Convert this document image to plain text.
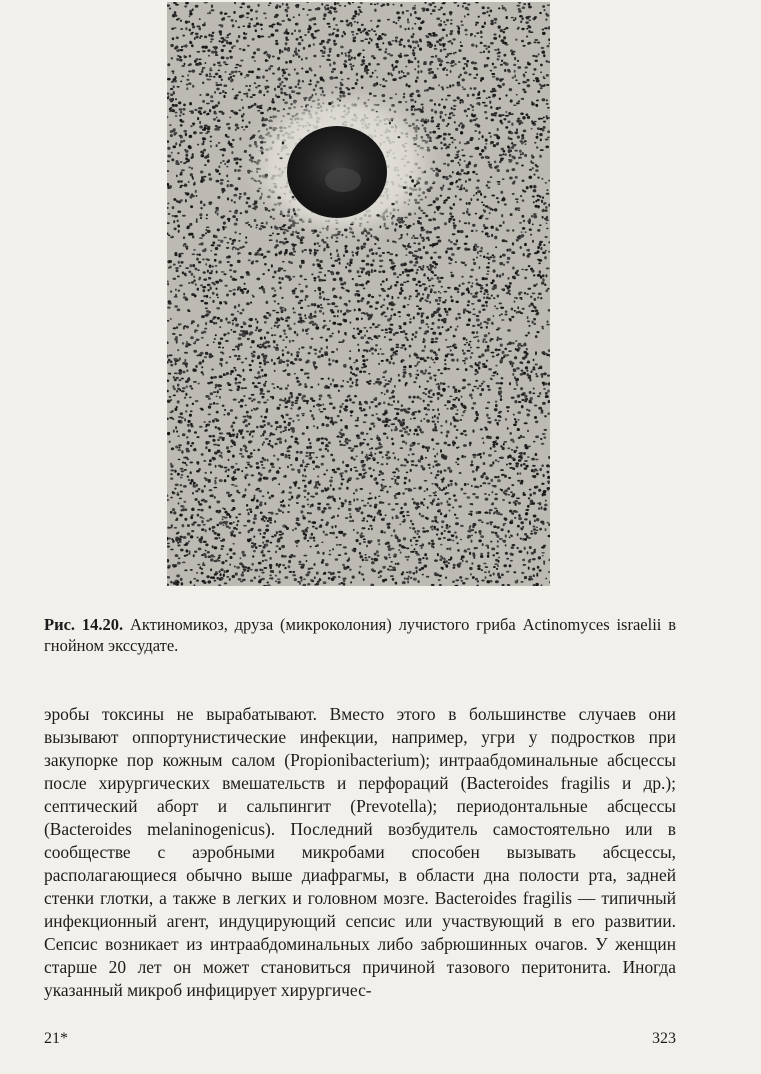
Рис. 14.20. Актиномикоз, друза (микроколония) лучистого гриба Actinomyces israelii в гнойном экссудате.

эробы токсины не вырабатывают. Вместо этого в большинстве случаев они вызывают оппортунистические инфекции, например, угри у подростков при закупорке пор кожным салом (Propionibacterium); интраабдоминальные абсцессы после хирургических вмешательств и перфораций (Bacteroides fragilis и др.); септический аборт и сальпингит (Prevotella); периодонтальные абсцессы (Bacteroides melaninogenicus). Последний возбудитель самостоятельно или в сообществе с аэробными микробами способен вызывать абсцессы, располагающиеся обычно выше диафрагмы, в области дна полости рта, задней стенки глотки, а также в легких и головном мозге. Bacteroides fragilis — типичный инфекционный агент, индуцирующий сепсис или участвующий в его развитии. Сепсис возникает из интраабдоминальных либо забрюшинных очагов. У женщин старше 20 лет он может становиться причиной тазового перитонита. Иногда указанный микроб инфицирует хирургичес-

21*	323
